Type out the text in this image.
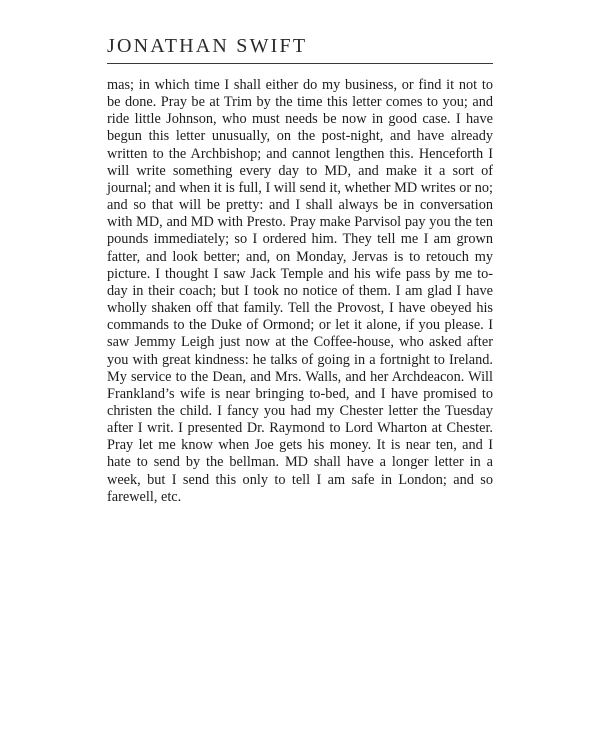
JONATHAN SWIFT

mas; in which time I shall either do my business, or find it not to be done. Pray be at Trim by the time this letter comes to you; and ride little Johnson, who must needs be now in good case. I have begun this letter unusually, on the post-night, and have already written to the Archbishop; and cannot lengthen this. Henceforth I will write something every day to MD, and make it a sort of journal; and when it is full, I will send it, whether MD writes or no; and so that will be pretty: and I shall always be in conversation with MD, and MD with Presto. Pray make Parvisol pay you the ten pounds immediately; so I ordered him. They tell me I am grown fatter, and look better; and, on Monday, Jervas is to retouch my picture. I thought I saw Jack Temple and his wife pass by me to-day in their coach; but I took no notice of them. I am glad I have wholly shaken off that family. Tell the Provost, I have obeyed his commands to the Duke of Ormond; or let it alone, if you please. I saw Jemmy Leigh just now at the Coffee-house, who asked after you with great kindness: he talks of going in a fortnight to Ireland. My service to the Dean, and Mrs. Walls, and her Archdeacon. Will Frankland’s wife is near bringing to-bed, and I have promised to christen the child. I fancy you had my Chester letter the Tuesday after I writ. I presented Dr. Raymond to Lord Wharton at Chester. Pray let me know when Joe gets his money. It is near ten, and I hate to send by the bellman. MD shall have a longer letter in a week, but I send this only to tell I am safe in London; and so farewell, etc.
